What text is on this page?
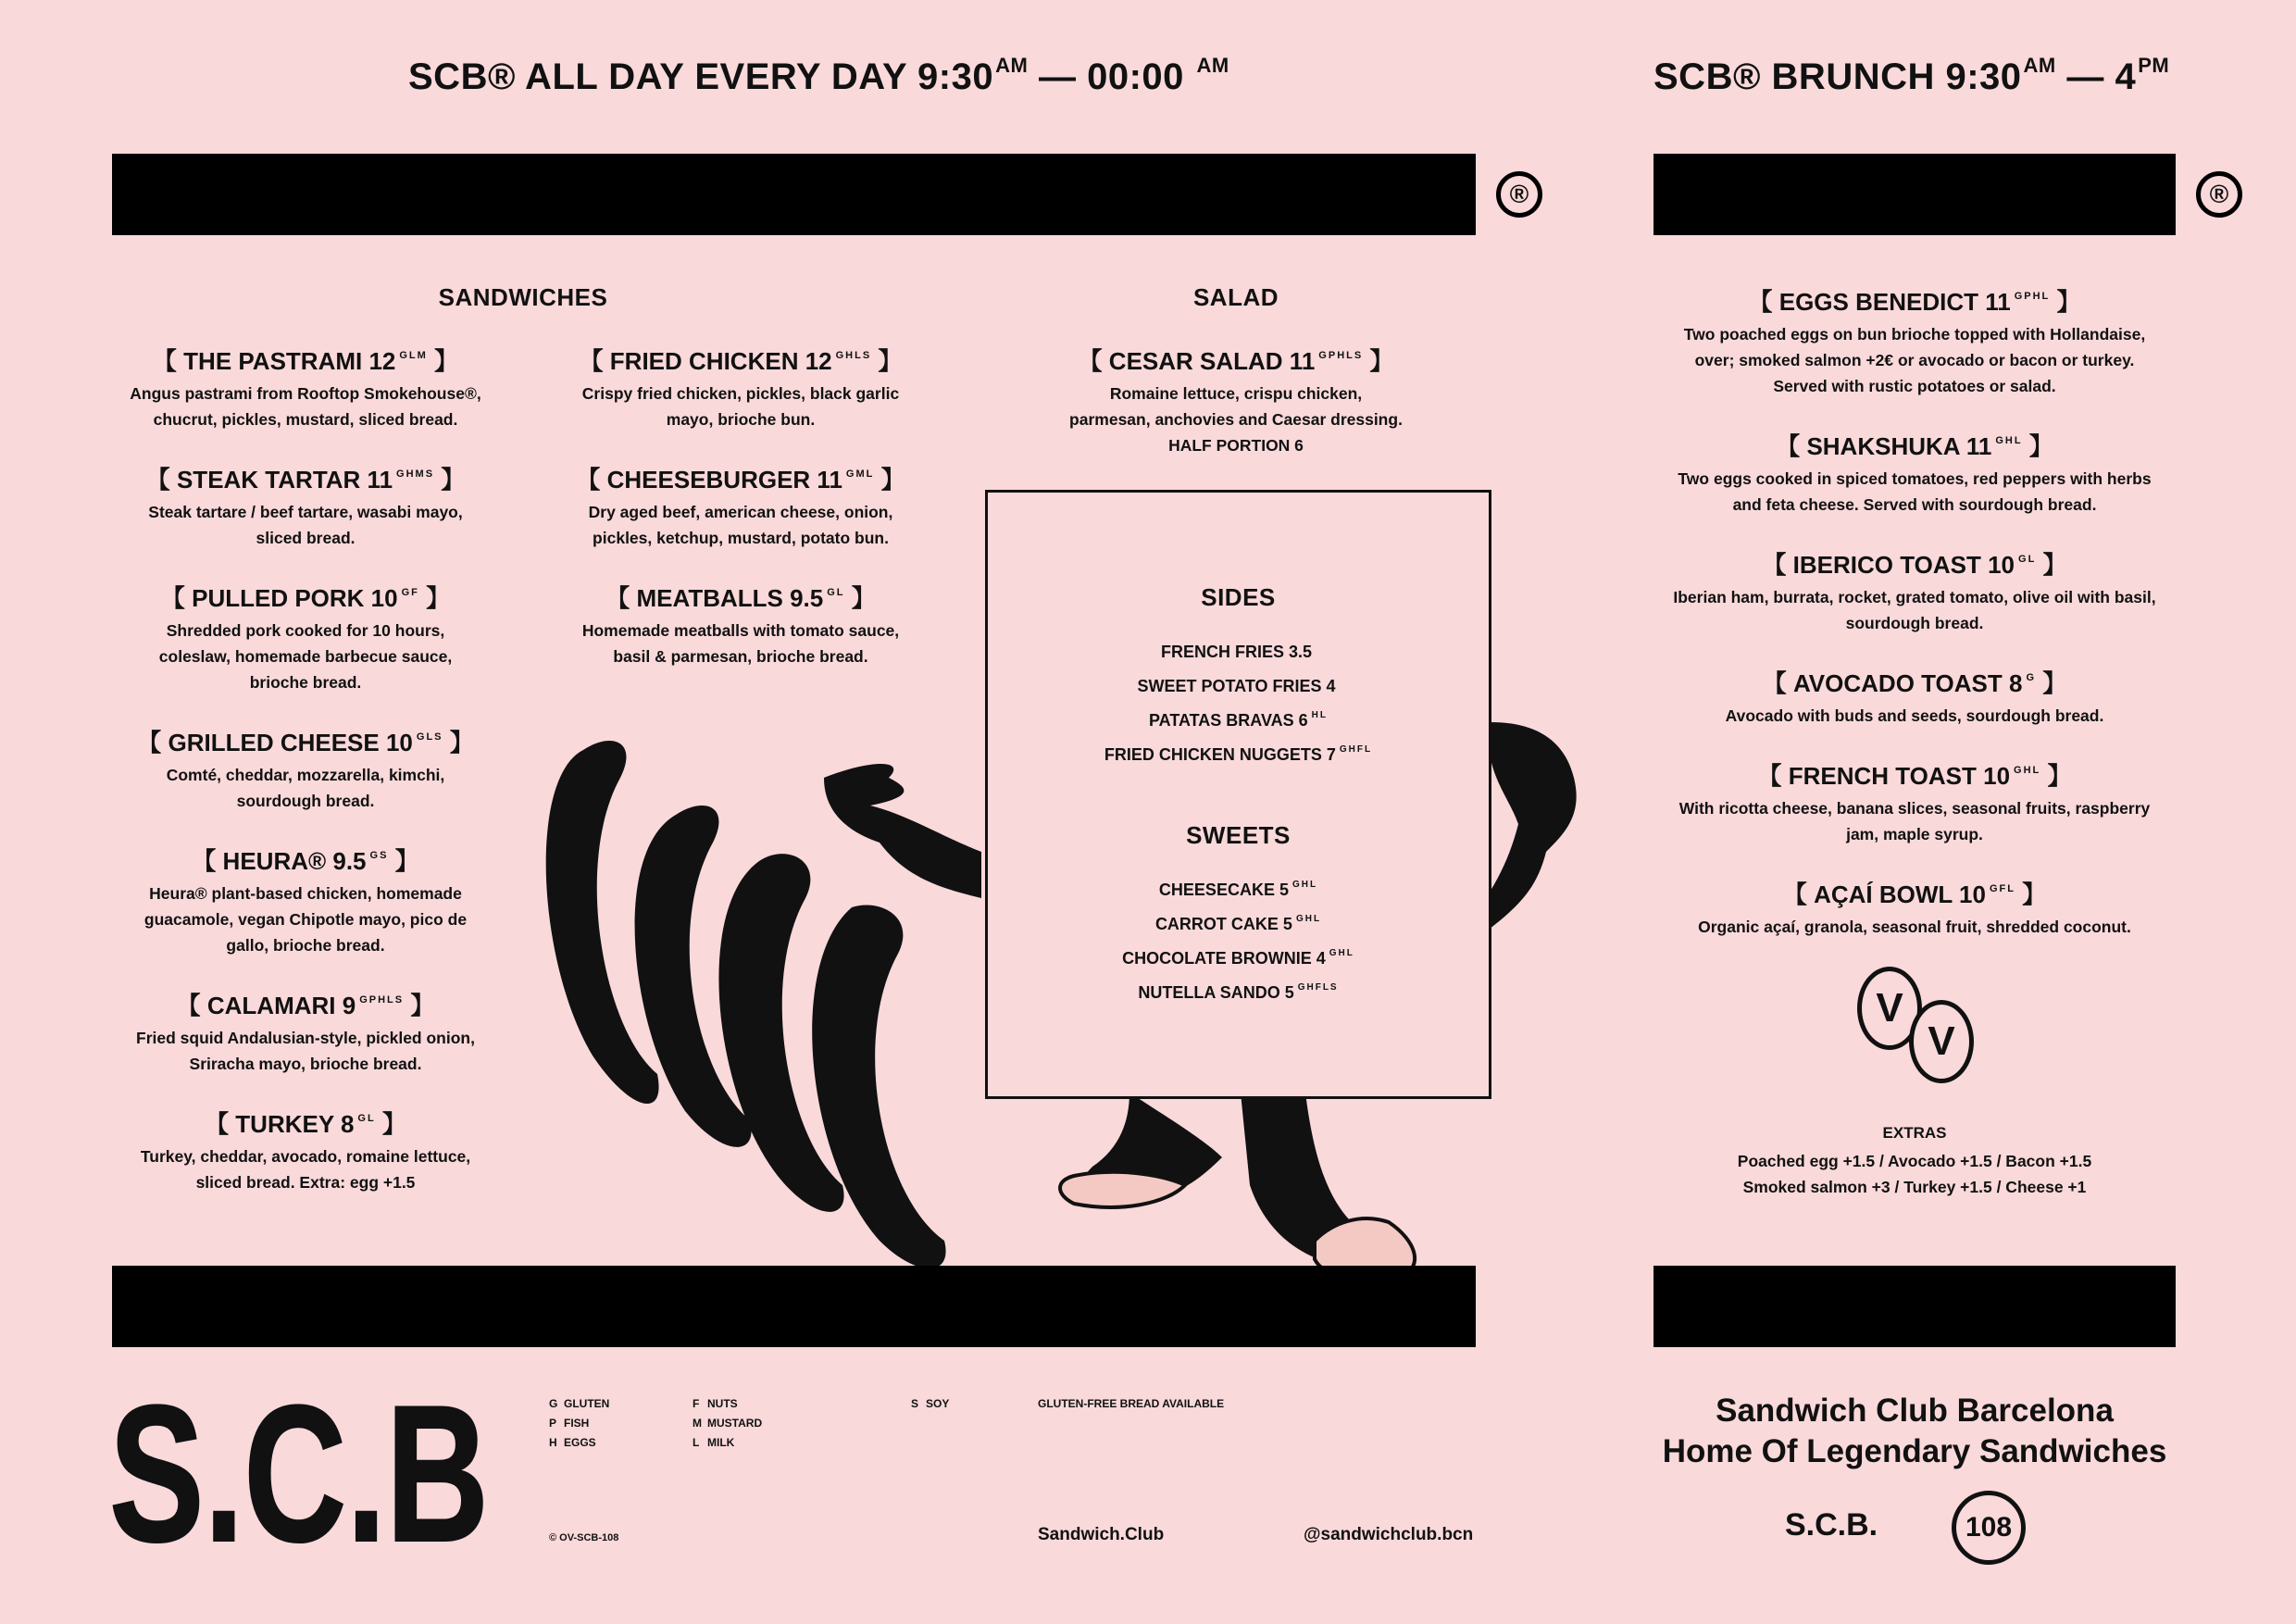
SCB® ALL DAY EVERY DAY $9:30^{AM}$ — 00:00 $^{AM}$	SCB® BRUNCH $9:30^{AM}$ — $4^{PM}$
®	®
SANDWICHES
【 THE PASTRAMI 12 $^{GLM}$ 】
Angus pastrami from Rooftop Smokehouse®,
chucrut, pickles, mustard, sliced bread.
【 STEAK TARTAR 11 $^{GHMS}$ 】
Steak tartare / beef tartare, wasabi mayo,
sliced bread.
【 PULLED PORK 10 $^{GF}$ 】
Shredded pork cooked for 10 hours,
coleslaw, homemade barbecue sauce,
brioche bread.
【 GRILLED CHEESE 10 $^{GLS}$ 】
Comté, cheddar, mozzarella, kimchi,
sourdough bread.
【 HEURA® 9.5 $^{GS}$ 】
Heura® plant-based chicken, homemade
guacamole, vegan Chipotle mayo, pico de
gallo, brioche bread.
【 CALAMARI 9 $^{GPHLS}$ 】
Fried squid Andalusian-style, pickled onion,
Sriracha mayo, brioche bread.
【 TURKEY 8 $^{GL}$ 】
Turkey, cheddar, avocado, romaine lettuce,
sliced bread. Extra: egg +1.5
【 FRIED CHICKEN 12 $^{GHLS}$ 】
Crispy fried chicken, pickles, black garlic
mayo, brioche bun.
【 CHEESEBURGER 11 $^{GML}$ 】
Dry aged beef, american cheese, onion,
pickles, ketchup, mustard, potato bun.
【 MEATBALLS 9.5 $^{GL}$ 】
Homemade meatballs with tomato sauce,
basil & parmesan, brioche bread.
SALAD
【 CESAR SALAD 11 $^{GPHLS}$ 】
Romaine lettuce, crispu chicken,
parmesan, anchovies and Caesar dressing.
HALF PORTION 6
SIDES
FRENCH FRIES 3.5
SWEET POTATO FRIES 4
PATATAS BRAVAS 6 $^{HL}$
FRIED CHICKEN NUGGETS 7 $^{GHFL}$
SWEETS
CHEESECAKE 5 $^{GHL}$
CARROT CAKE 5 $^{GHL}$
CHOCOLATE BROWNIE 4 $^{GHL}$
NUTELLA SANDO 5 $^{GHFLS}$
【 EGGS BENEDICT 11 $^{GPHL}$ 】
Two poached eggs on bun brioche topped with Hollandaise,
over; smoked salmon +2€ or avocado or bacon or turkey.
Served with rustic potatoes or salad.
【 SHAKSHUKA 11 $^{GHL}$ 】
Two eggs cooked in spiced tomatoes, red peppers with herbs
and feta cheese. Served with sourdough bread.
【 IBERICO TOAST 10 $^{GL}$ 】
Iberian ham, burrata, rocket, grated tomato, olive oil with basil,
sourdough bread.
【 AVOCADO TOAST 8 $^G$ 】
Avocado with buds and seeds, sourdough bread.
【 FRENCH TOAST 10 $^{GHL}$ 】
With ricotta cheese, banana slices, seasonal fruits, raspberry
jam, maple syrup.
【 AÇAÍ BOWL 10 $^{GFL}$ 】
Organic açaí, granola, seasonal fruit, shredded coconut.
V
V
EXTRAS
Poached egg +1.5 / Avocado +1.5 / Bacon +1.5
Smoked salmon +3 / Turkey +1.5 / Cheese +1
S.C.B	G GLUTEN
P FISH
H EGGS
F NUTS
M MUSTARD
L MILK
S SOY	GLUTEN-FREE BREAD AVAILABLE
© OV-SCB-108	Sandwich.Club	@sandwichclub.bcn
Sandwich Club Barcelona
Home Of Legendary Sandwiches
S.C.B.	108
